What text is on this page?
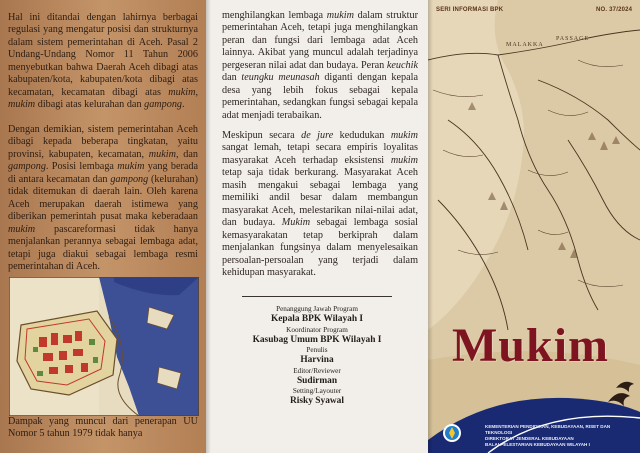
Hal ini ditandai dengan lahirnya berbagai regulasi yang mengatur posisi dan strukturnya dalam sistem pemerintahan di Aceh. Pasal 2 Undang-Undang Nomor 11 Tahun 2006 menyebutkan bahwa Daerah Aceh dibagi atas kabupaten/kota, kabupaten/kota dibagi atas kecamatan, kecamatan dibagi atas mukim, mukim dibagi atas kelurahan dan gampong.

Dengan demikian, sistem pemerintahan Aceh dibagi kepada beberapa tingkatan, yaitu provinsi, kabupaten, kecamatan, mukim, dan gampong. Posisi lembaga mukim yang berada di antara kecamatan dan gampong (kelurahan) tidak ditemukan di daerah lain. Oleh karena Aceh merupakan daerah istimewa yang diberikan pemerintah pusat maka keberadaan mukim pascareformasi tidak hanya menjalankan perannya sebagai lembaga adat, tetapi juga diakui sebagai lembaga resmi pemerintahan di Aceh.

Dampak yang muncul dari penerapan UU Nomor 5 tahun 1979 tidak hanya

menghilangkan lembaga mukim dalam struktur pemerintahan Aceh, tetapi juga menghilangkan peran dan fungsi dari lembaga adat Aceh lainnya. Akibat yang muncul adalah terjadinya pergeseran nilai adat dan budaya. Peran keuchik dan teungku meunasah diganti dengan kepala desa yang lebih fokus sebagai kepala pemerintahan, sedangkan fungsi sebagai kepala adat menjadi terabaikan.

Meskipun secara de jure kedudukan mukim sangat lemah, tetapi secara empiris loyalitas masyarakat Aceh terhadap eksistensi mukim tetap saja tidak berkurang. Masyarakat Aceh masih mengakui sebagai lembaga yang memiliki andil besar dalam membangun masyarakat Aceh, melestarikan nilai-nilai adat, dan budaya. Mukim sebagai lembaga sosial kemasyarakatan tetap berkiprah dalam menjalankan fungsinya dalam menyelesaikan persoalan-persoalan yang terjadi dalam kehidupan masyarakat.

Penanggung Jawab Program
Kepala BPK Wilayah I
Koordinator Program
Kasubag Umum BPK Wilayah I
Penulis
Harvina
Editor/Reviewer
Sudirman
Setting/Layouter
Risky Syawal
MALAKKA
PASSAGE
SERI INFORMASI BPK	NO. 37/2024
Mukim
KEMENTERIAN PENDIDIKAN, KEBUDAYAAN, RISET DAN TEKNOLOGI
DIREKTORAT JENDERAL KEBUDAYAAN
BALAI PELESTARIAN KEBUDAYAAN WILAYAH I
